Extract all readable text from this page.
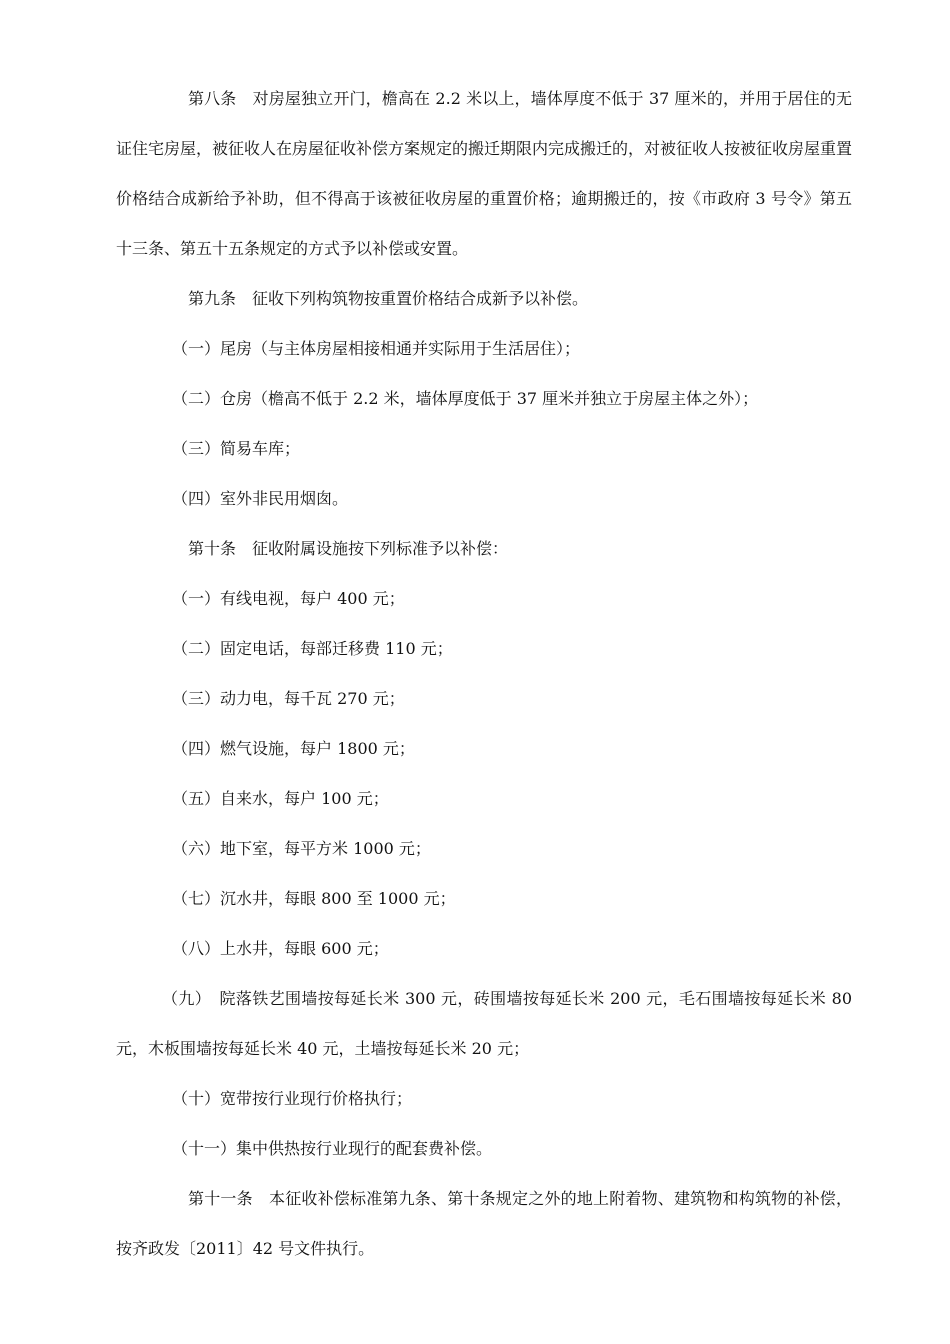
第八条　对房屋独立开门，檐高在 2.2 米以上，墙体厚度不低于 37 厘米的，并用于居住的无证住宅房屋，被征收人在房屋征收补偿方案规定的搬迁期限内完成搬迁的，对被征收人按被征收房屋重置价格结合成新给予补助，但不得高于该被征收房屋的重置价格；逾期搬迁的，按《市政府 3 号令》第五十三条、第五十五条规定的方式予以补偿或安置。

第九条　征收下列构筑物按重置价格结合成新予以补偿。

（一）尾房（与主体房屋相接相通并实际用于生活居住）；

（二）仓房（檐高不低于 2.2 米，墙体厚度低于 37 厘米并独立于房屋主体之外）；

（三）简易车库；

（四）室外非民用烟囱。

第十条　征收附属设施按下列标准予以补偿：

（一）有线电视，每户 400 元；

（二）固定电话，每部迁移费 110 元；

（三）动力电，每千瓦 270 元；

（四）燃气设施，每户 1800 元；

（五）自来水，每户 100 元；

（六）地下室，每平方米 1000 元；

（七）沉水井，每眼 800 至 1000 元；

（八）上水井，每眼 600 元；

（九）　院落铁艺围墙按每延长米 300 元，砖围墙按每延长米 200 元，毛石围墙按每延长米 80 元，木板围墙按每延长米 40 元，土墙按每延长米 20 元；

（十）宽带按行业现行价格执行；

（十一）集中供热按行业现行的配套费补偿。

第十一条　本征收补偿标准第九条、第十条规定之外的地上附着物、建筑物和构筑物的补偿，按齐政发〔2011〕42 号文件执行。
